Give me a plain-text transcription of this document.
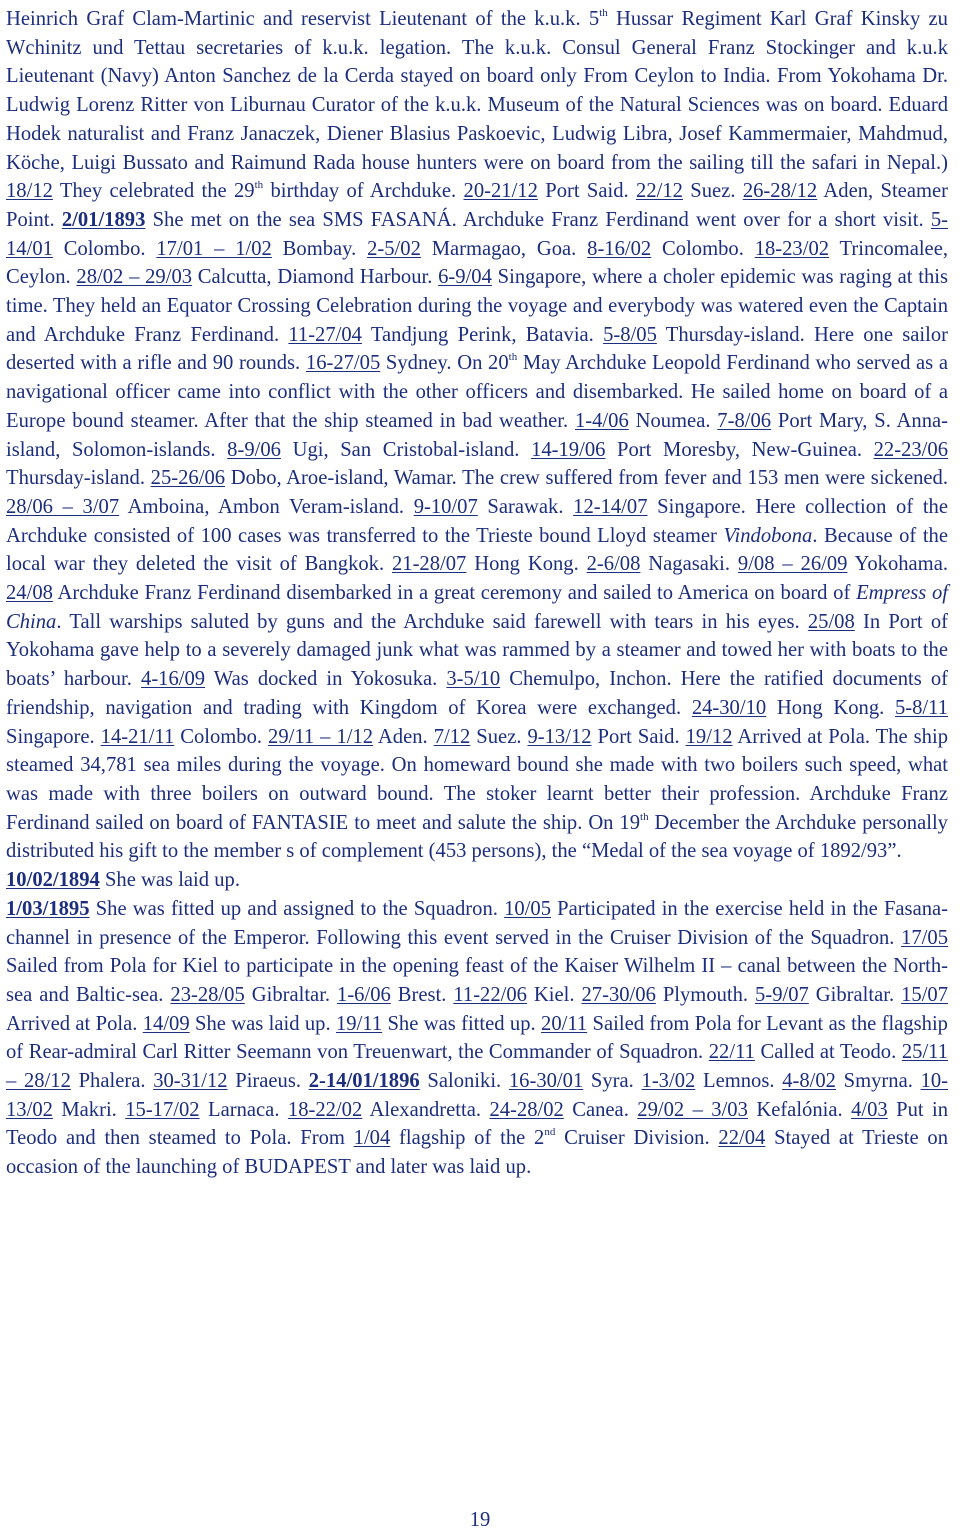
Heinrich Graf Clam-Martinic and reservist Lieutenant of the k.u.k. 5th Hussar Regiment Karl Graf Kinsky zu Wchinitz und Tettau secretaries of k.u.k. legation. The k.u.k. Consul General Franz Stockinger and k.u.k Lieutenant (Navy) Anton Sanchez de la Cerda stayed on board only From Ceylon to India. From Yokohama Dr. Ludwig Lorenz Ritter von Liburnau Curator of the k.u.k. Museum of the Natural Sciences was on board. Eduard Hodek naturalist and Franz Janaczek, Diener Blasius Paskoevic, Ludwig Libra, Josef Kammermaier, Mahdmud, Köche, Luigi Bussato and Raimund Rada house hunters were on board from the sailing till the safari in Nepal.) 18/12 They celebrated the 29th birthday of Archduke. 20-21/12 Port Said. 22/12 Suez. 26-28/12 Aden, Steamer Point. 2/01/1893 She met on the sea SMS FASANÁ. Archduke Franz Ferdinand went over for a short visit. 5-14/01 Colombo. 17/01 – 1/02 Bombay. 2-5/02 Marmagao, Goa. 8-16/02 Colombo. 18-23/02 Trincomalee, Ceylon. 28/02 – 29/03 Calcutta, Diamond Harbour. 6-9/04 Singapore, where a choler epidemic was raging at this time. They held an Equator Crossing Celebration during the voyage and everybody was watered even the Captain and Archduke Franz Ferdinand. 11-27/04 Tandjung Perink, Batavia. 5-8/05 Thursday-island. Here one sailor deserted with a rifle and 90 rounds. 16-27/05 Sydney. On 20th May Archduke Leopold Ferdinand who served as a navigational officer came into conflict with the other officers and disembarked. He sailed home on board of a Europe bound steamer. After that the ship steamed in bad weather. 1-4/06 Noumea. 7-8/06 Port Mary, S. Anna-island, Solomon-islands. 8-9/06 Ugi, San Cristobal-island. 14-19/06 Port Moresby, New-Guinea. 22-23/06 Thursday-island. 25-26/06 Dobo, Aroe-island, Wamar. The crew suffered from fever and 153 men were sickened. 28/06 – 3/07 Amboina, Ambon Veram-island. 9-10/07 Sarawak. 12-14/07 Singapore. Here collection of the Archduke consisted of 100 cases was transferred to the Trieste bound Lloyd steamer Vindobona. Because of the local war they deleted the visit of Bangkok. 21-28/07 Hong Kong. 2-6/08 Nagasaki. 9/08 – 26/09 Yokohama. 24/08 Archduke Franz Ferdinand disembarked in a great ceremony and sailed to America on board of Empress of China. Tall warships saluted by guns and the Archduke said farewell with tears in his eyes. 25/08 In Port of Yokohama gave help to a severely damaged junk what was rammed by a steamer and towed her with boats to the boats’ harbour. 4-16/09 Was docked in Yokosuka. 3-5/10 Chemulpo, Inchon. Here the ratified documents of friendship, navigation and trading with Kingdom of Korea were exchanged. 24-30/10 Hong Kong. 5-8/11 Singapore. 14-21/11 Colombo. 29/11 – 1/12 Aden. 7/12 Suez. 9-13/12 Port Said. 19/12 Arrived at Pola. The ship steamed 34,781 sea miles during the voyage. On homeward bound she made with two boilers such speed, what was made with three boilers on outward bound. The stoker learnt better their profession. Archduke Franz Ferdinand sailed on board of FANTASIE to meet and salute the ship. On 19th December the Archduke personally distributed his gift to the member s of complement (453 persons), the “Medal of the sea voyage of 1892/93”.

10/02/1894 She was laid up.

1/03/1895 She was fitted up and assigned to the Squadron. 10/05 Participated in the exercise held in the Fasana-channel in presence of the Emperor. Following this event served in the Cruiser Division of the Squadron. 17/05 Sailed from Pola for Kiel to participate in the opening feast of the Kaiser Wilhelm II – canal between the North-sea and Baltic-sea. 23-28/05 Gibraltar. 1-6/06 Brest. 11-22/06 Kiel. 27-30/06 Plymouth. 5-9/07 Gibraltar. 15/07 Arrived at Pola. 14/09 She was laid up. 19/11 She was fitted up. 20/11 Sailed from Pola for Levant as the flagship of Rear-admiral Carl Ritter Seemann von Treuenwart, the Commander of Squadron. 22/11 Called at Teodo. 25/11 – 28/12 Phalera. 30-31/12 Piraeus. 2-14/01/1896 Saloniki. 16-30/01 Syra. 1-3/02 Lemnos. 4-8/02 Smyrna. 10-13/02 Makri. 15-17/02 Larnaca. 18-22/02 Alexandretta. 24-28/02 Canea. 29/02 – 3/03 Kefalónia. 4/03 Put in Teodo and then steamed to Pola. From 1/04 flagship of the 2nd Cruiser Division. 22/04 Stayed at Trieste on occasion of the launching of BUDAPEST and later was laid up.

19
